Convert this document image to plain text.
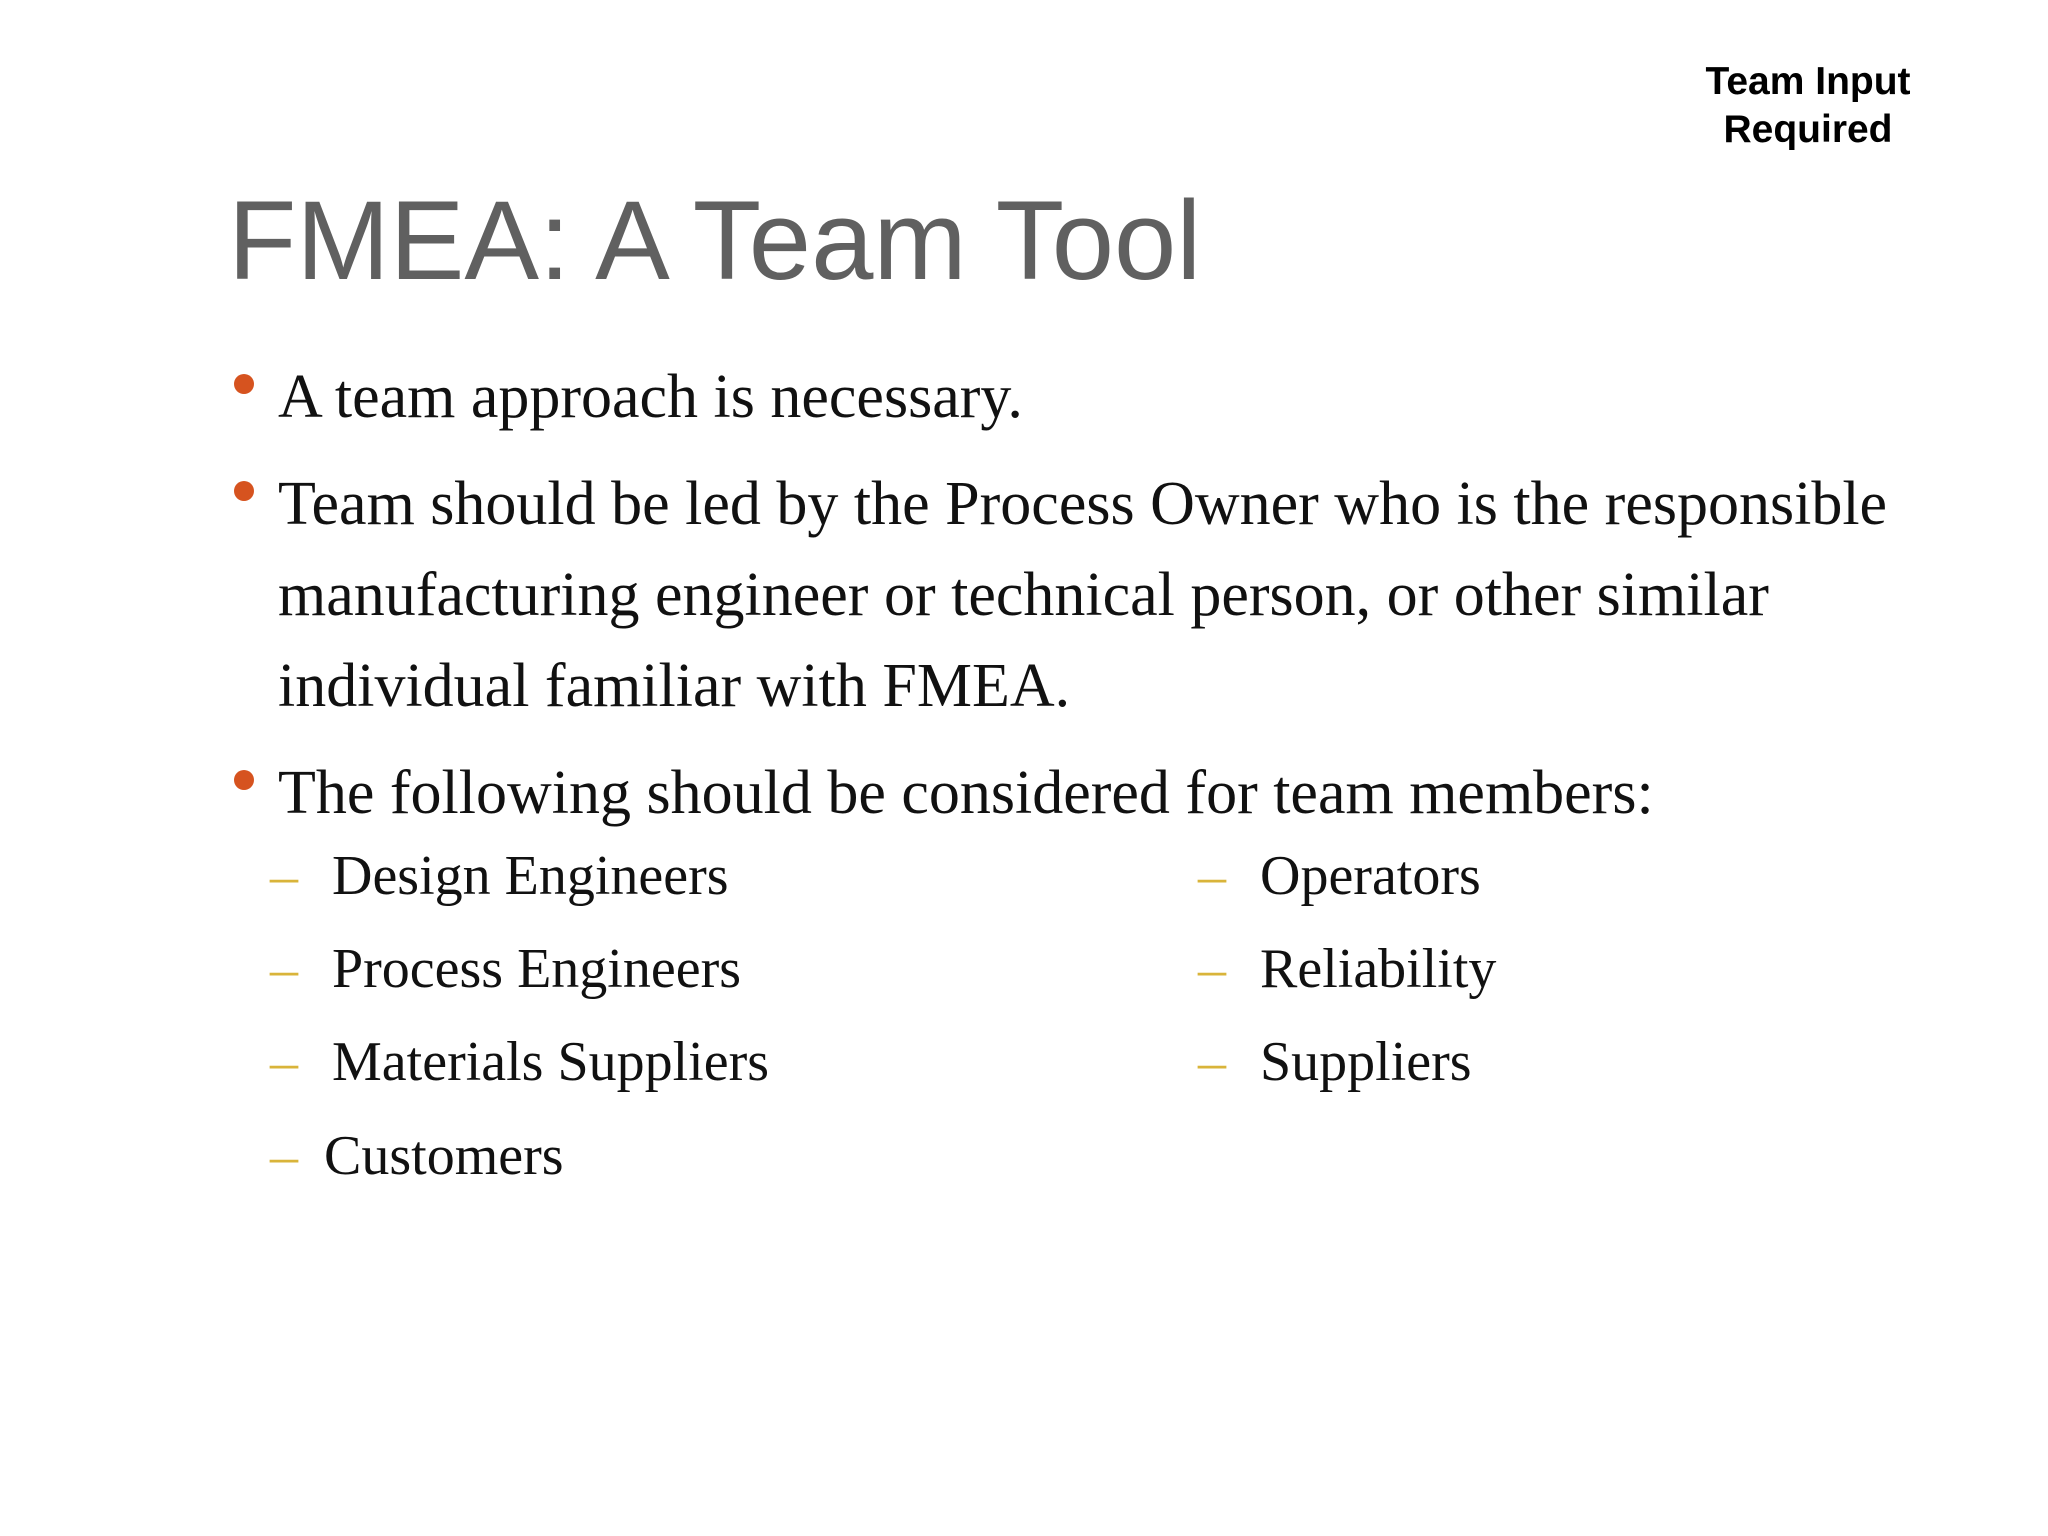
Team Input
Required
FMEA: A Team Tool
A team approach is necessary.
Team should be led by the Process Owner who is the responsible manufacturing engineer or technical person, or other similar individual familiar with FMEA.
The following should be considered for team members:
– Design Engineers
– Process Engineers
– Materials Suppliers
– Customers
– Operators
– Reliability
– Suppliers
